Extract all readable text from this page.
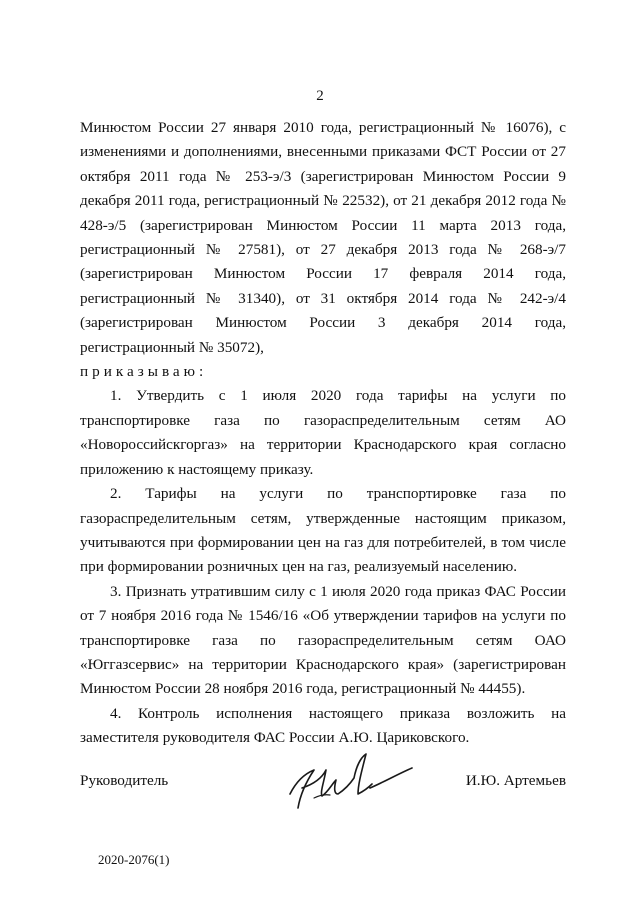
2

Минюстом России 27 января 2010 года, регистрационный № 16076), с изменениями и дополнениями, внесенными приказами ФСТ России от 27 октября 2011 года № 253-э/3 (зарегистрирован Минюстом России 9 декабря 2011 года, регистрационный № 22532), от 21 декабря 2012 года № 428-э/5 (зарегистрирован Минюстом России 11 марта 2013 года, регистрационный № 27581), от 27 декабря 2013 года № 268-э/7 (зарегистрирован Минюстом России 17 февраля 2014 года, регистрационный № 31340), от 31 октября 2014 года № 242-э/4 (зарегистрирован Минюстом России 3 декабря 2014 года, регистрационный № 35072),

приказываю:

1. Утвердить с 1 июля 2020 года тарифы на услуги по транспортировке газа по газораспределительным сетям АО «Новороссийскгоргаз» на территории Краснодарского края согласно приложению к настоящему приказу.

2. Тарифы на услуги по транспортировке газа по газораспределительным сетям, утвержденные настоящим приказом, учитываются при формировании цен на газ для потребителей, в том числе при формировании розничных цен на газ, реализуемый населению.

3. Признать утратившим силу с 1 июля 2020 года приказ ФАС России от 7 ноября 2016 года № 1546/16 «Об утверждении тарифов на услуги по транспортировке газа по газораспределительным сетям ОАО «Юггазсервис» на территории Краснодарского края» (зарегистрирован Минюстом России 28 ноября 2016 года, регистрационный № 44455).

4. Контроль исполнения настоящего приказа возложить на заместителя руководителя ФАС России А.Ю. Цариковского.

Руководитель	И.Ю. Артемьев
2020-2076(1)
